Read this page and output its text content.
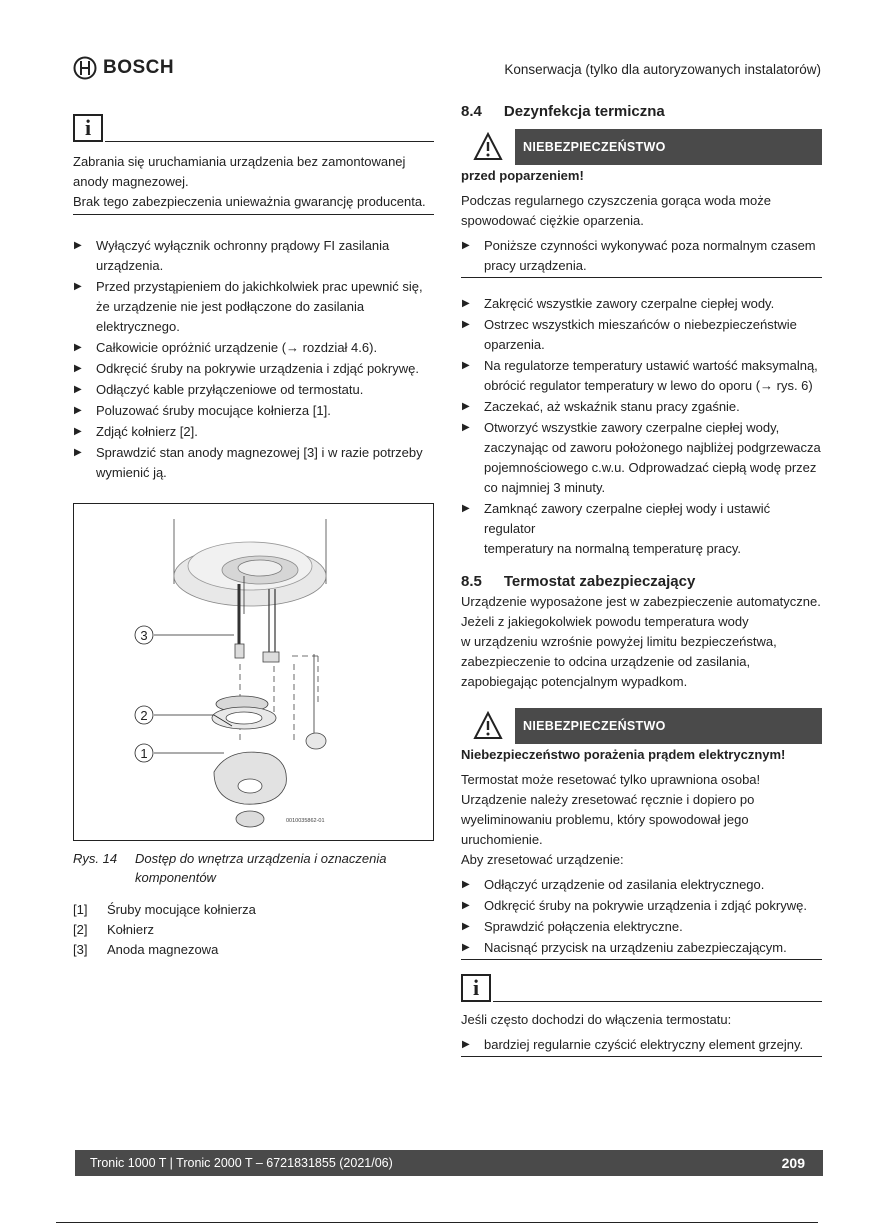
BOSCH	Konserwacja (tylko dla autoryzowanych instalatorów)
i

Zabrania się uruchamiania urządzenia bez zamontowanej

anody magnezowej.

Brak tego zabezpieczenia unieważnia gwarancję producenta.

▶ Wyłączyć wyłącznik ochronny prądowy FI zasilania
urządzenia.
▶ Przed przystąpieniem do jakichkolwiek prac upewnić się,
że urządzenie nie jest podłączone do zasilania
elektrycznego.
▶ Całkowicie opróżnić urządzenie (→ rozdział 4.6).
▶ Odkręcić śruby na pokrywie urządzenia i zdjąć pokrywę.
▶ Odłączyć kable przyłączeniowe od termostatu.
▶ Poluzować śruby mocujące kołnierza [1].
▶ Zdjąć kołnierz [2].
▶ Sprawdzić stan anody magnezowej [3] i w razie potrzeby
wymienić ją.
3
2
1
0010035862-01
Rys. 14	Dostęp do wnętrza urządzenia i oznaczenia
komponentów
[1]	Śruby mocujące kołnierza
[2]	Kołnierz
[3]	Anoda magnezowa
8.4 Dezynfekcja termiczna
NIEBEZPIECZEŃSTWO

przed poparzeniem!

Podczas regularnego czyszczenia gorąca woda może

spowodować ciężkie oparzenia.

▶ Poniższe czynności wykonywać poza normalnym czasem
pracy urządzenia.
▶ Zakręcić wszystkie zawory czerpalne ciepłej wody.
▶ Ostrzec wszystkich mieszańców o niebezpieczeństwie
oparzenia.
▶ Na regulatorze temperatury ustawić wartość maksymalną,
obrócić regulator temperatury w lewo do oporu (→ rys. 6)
▶ Zaczekać, aż wskaźnik stanu pracy zgaśnie.
▶ Otworzyć wszystkie zawory czerpalne ciepłej wody,
zaczynając od zaworu położonego najbliżej podgrzewacza
pojemnościowego c.w.u. Odprowadzać ciepłą wodę przez
co najmniej 3 minuty.
▶ Zamknąć zawory czerpalne ciepłej wody i ustawić regulator
temperatury na normalną temperaturę pracy.
8.5 Termostat zabezpieczający

Urządzenie wyposażone jest w zabezpieczenie automatyczne.

Jeżeli z jakiegokolwiek powodu temperatura wody

w urządzeniu wzrośnie powyżej limitu bezpieczeństwa,

zabezpieczenie to odcina urządzenie od zasilania,

zapobiegając potencjalnym wypadkom.

NIEBEZPIECZEŃSTWO

Niebezpieczeństwo porażenia prądem elektrycznym!

Termostat może resetować tylko uprawniona osoba!

Urządzenie należy zresetować ręcznie i dopiero po

wyeliminowaniu problemu, który spowodował jego

uruchomienie.

Aby zresetować urządzenie:

▶ Odłączyć urządzenie od zasilania elektrycznego.
▶ Odkręcić śruby na pokrywie urządzenia i zdjąć pokrywę.
▶ Sprawdzić połączenia elektryczne.
▶ Nacisnąć przycisk na urządzeniu zabezpieczającym.
i

Jeśli często dochodzi do włączenia termostatu:

▶ bardziej regularnie czyścić elektryczny element grzejny.
Tronic 1000 T | Tronic 2000 T – 6721831855 (2021/06)	209
